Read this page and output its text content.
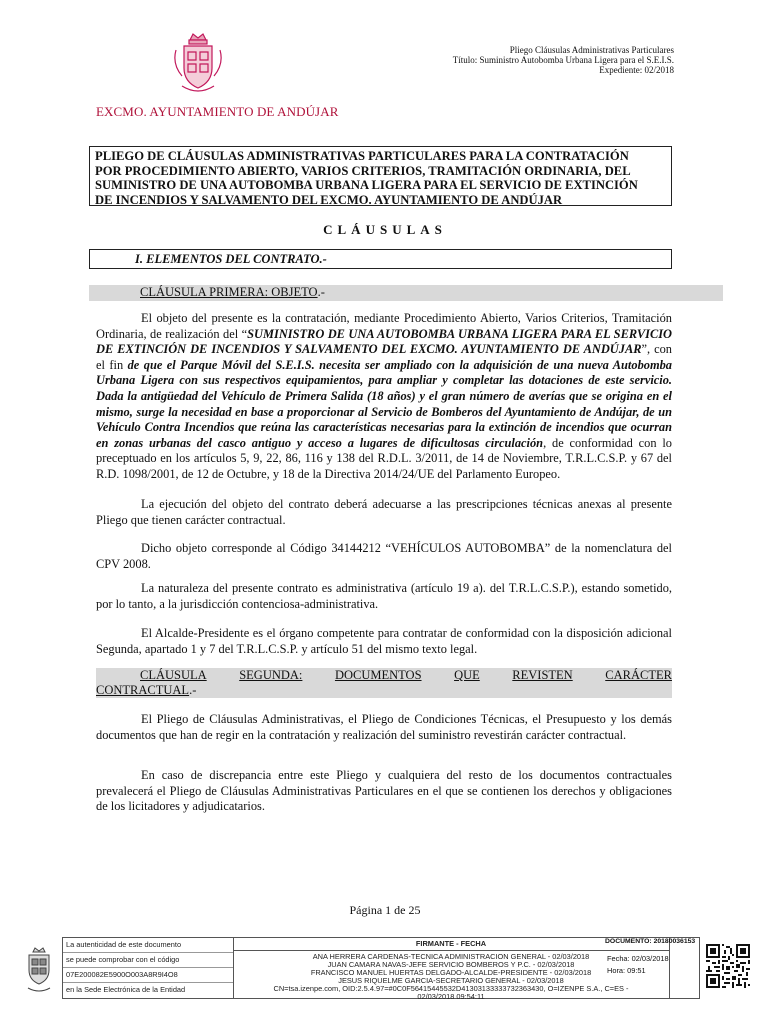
EXCMO. AYUNTAMIENTO DE ANDÚJAR
Pliego Cláusulas Administrativas Particulares
Título: Suministro Autobomba Urbana Ligera para el S.E.I.S.
Expediente: 02/2018
PLIEGO DE CLÁUSULAS ADMINISTRATIVAS PARTICULARES PARA LA CONTRATACIÓN
POR PROCEDIMIENTO ABIERTO, VARIOS CRITERIOS, TRAMITACIÓN ORDINARIA, DEL
SUMINISTRO DE UNA AUTOBOMBA URBANA LIGERA PARA EL SERVICIO DE EXTINCIÓN
DE INCENDIOS Y SALVAMENTO DEL EXCMO. AYUNTAMIENTO DE ANDÚJAR
CLÁUSULAS
I. ELEMENTOS DEL CONTRATO.-
CLÁUSULA PRIMERA: OBJETO.-
El objeto del presente es la contratación, mediante Procedimiento Abierto, Varios Criterios, Tramitación Ordinaria, de realización del “SUMINISTRO DE UNA AUTOBOMBA URBANA LIGERA PARA EL SERVICIO DE EXTINCIÓN DE INCENDIOS Y SALVAMENTO DEL EXCMO. AYUNTAMIENTO DE ANDÚJAR”, con el fin de que el Parque Móvil del S.E.I.S. necesita ser ampliado con la adquisición de una nueva Autobomba Urbana Ligera con sus respectivos equipamientos, para ampliar y completar las dotaciones de este servicio. Dada la antigüedad del Vehículo de Primera Salida (18 años) y el gran número de averías que se origina en el mismo, surge la necesidad en base a proporcionar al Servicio de Bomberos del Ayuntamiento de Andújar, de un Vehículo Contra Incendios que reúna las características necesarias para la extinción de incendios que ocurran en zonas urbanas del casco antiguo y acceso a lugares de dificultosas circulación, de conformidad con lo preceptuado en los artículos 5, 9, 22, 86, 116 y 138 del R.D.L. 3/2011, de 14 de Noviembre, T.R.L.C.S.P. y 67 del R.D. 1098/2001, de 12 de Octubre, y 18 de la Directiva 2014/24/UE del Parlamento Europeo.
La ejecución del objeto del contrato deberá adecuarse a las prescripciones técnicas anexas al presente Pliego que tienen carácter contractual.
Dicho objeto corresponde al Código 34144212 “VEHÍCULOS AUTOBOMBA” de la nomenclatura del CPV 2008.
La naturaleza del presente contrato es administrativa (artículo 19 a). del T.R.L.C.S.P.), estando sometido, por lo tanto, a la jurisdicción contenciosa-administrativa.
El Alcalde-Presidente es el órgano competente para contratar de conformidad con la disposición adicional Segunda, apartado 1 y 7 del T.R.L.C.S.P. y artículo 51 del mismo texto legal.
CLÁUSULA	SEGUNDA:	DOCUMENTOS	QUE	REVISTEN	CARÁCTER
CONTRACTUAL.-
El Pliego de Cláusulas Administrativas, el Pliego de Condiciones Técnicas, el Presupuesto y los demás documentos que han de regir en la contratación y realización del suministro revestirán carácter contractual.
En caso de discrepancia entre este Pliego y cualquiera del resto de los documentos contractuales prevalecerá el Pliego de Cláusulas Administrativas Particulares en el que se contienen los derechos y obligaciones de los licitadores y adjudicatarios.
Página 1 de 25
La autenticidad de este documento
se puede comprobar con el código
07E200082E5900O003A8R9I4O8
en la Sede Electrónica de la Entidad
FIRMANTE - FECHA
ANA HERRERA CARDENAS-TECNICA ADMINISTRACION GENERAL - 02/03/2018
JUAN CAMARA NAVAS-JEFE SERVICIO BOMBEROS Y P.C. - 02/03/2018
FRANCISCO MANUEL HUERTAS DELGADO-ALCALDE-PRESIDENTE - 02/03/2018
JESUS RIQUELME GARCIA-SECRETARIO GENERAL - 02/03/2018
CN=tsa.izenpe.com, OID:2.5.4.97=#0C0F56415445532D41303133333732363430, O=IZENPE S.A., C=ES -
02/03/2018 09:54:11
DOCUMENTO: 20180036153
Fecha: 02/03/2018
Hora: 09:51
